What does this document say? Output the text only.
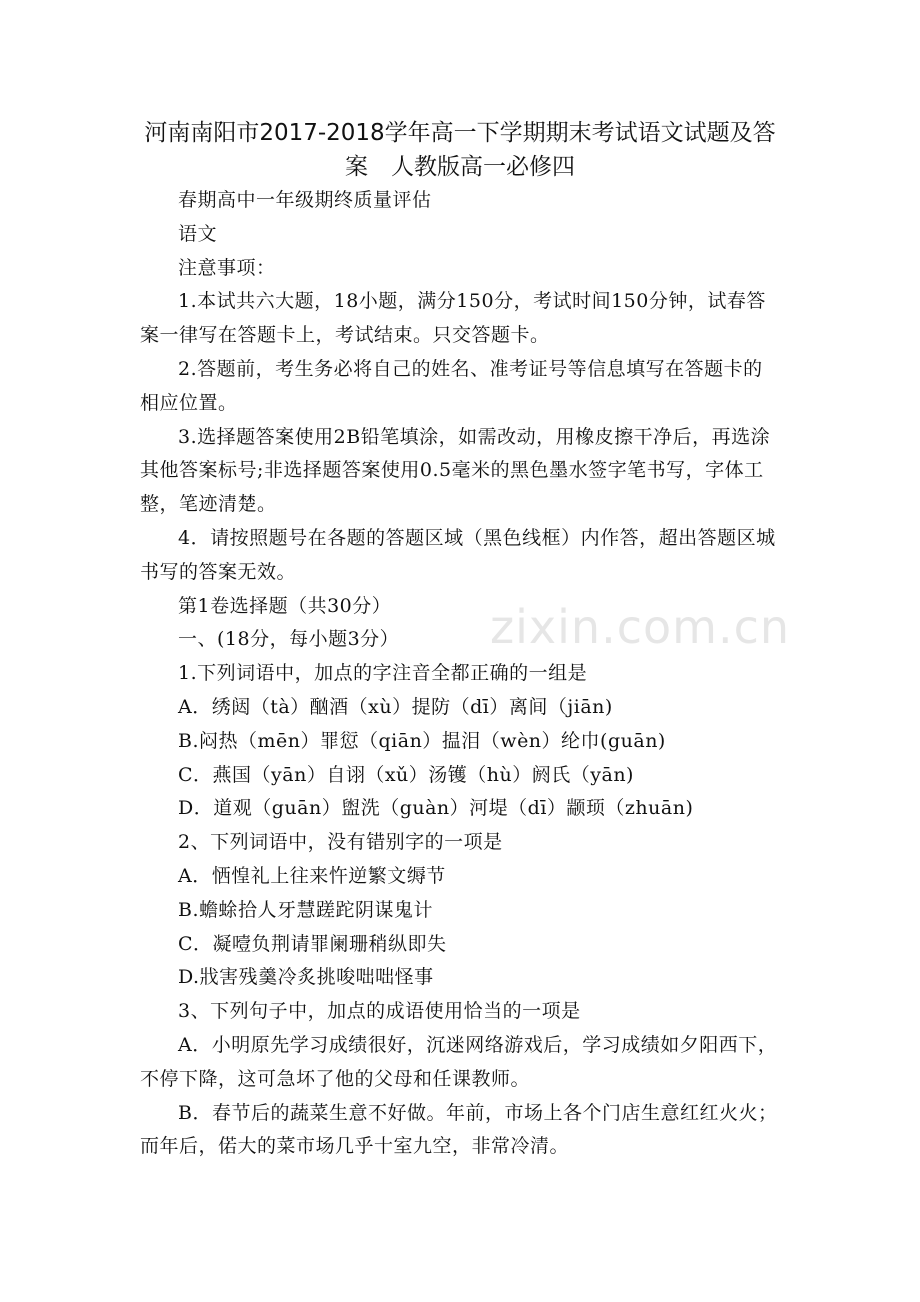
河南南阳市2017-2018学年高一下学期期末考试语文试题及答
案　人教版高一必修四
zixin.com.cn

春期高中一年级期终质量评估

语文

注意事项：

1.本试共六大题，18小题，满分150分，考试时间150分钟，试春答案一律写在答题卡上，考试结束。只交答题卡。

2.答题前，考生务必将自己的姓名、准考证号等信息填写在答题卡的相应位置。

3.选择题答案使用2B铅笔填涂，如需改动，用橡皮擦干净后，再选涂其他答案标号;非选择题答案使用0.5毫米的黑色墨水签字笔书写，字体工整，笔迹清楚。

4．请按照题号在各题的答题区域（黑色线框）内作答，超出答题区城书写的答案无效。

第1卷选择题（共30分）

一、(18分，每小题3分）

1.下列词语中，加点的字注音全都正确的一组是

A．绣闼（tà）酗酒（xù）提防（dī）离间（jiān)

B.闷热（mēn）罪愆（qiān）揾泪（wèn）纶巾(guān)

C．燕国（yān）自诩（xǔ）汤镬（hù）阏氏（yān)

D．道观（guān）盥洗（guàn）河堤（dī）颛顼（zhuān)

2、下列词语中，没有错别字的一项是

A．恓惶礼上往来忤逆繁文缛节

B.蟾蜍拾人牙慧蹉跎阴谋鬼计

C．凝噎负荆请罪阑珊稍纵即失

D.戕害残羹冷炙挑唆咄咄怪事

3、下列句子中，加点的成语使用恰当的一项是

A．小明原先学习成绩很好，沉迷网络游戏后，学习成绩如夕阳西下，不停下降，这可急坏了他的父母和任课教师。

B．春节后的蔬菜生意不好做。年前，市场上各个门店生意红红火火；而年后，偌大的菜市场几乎十室九空，非常冷清。
